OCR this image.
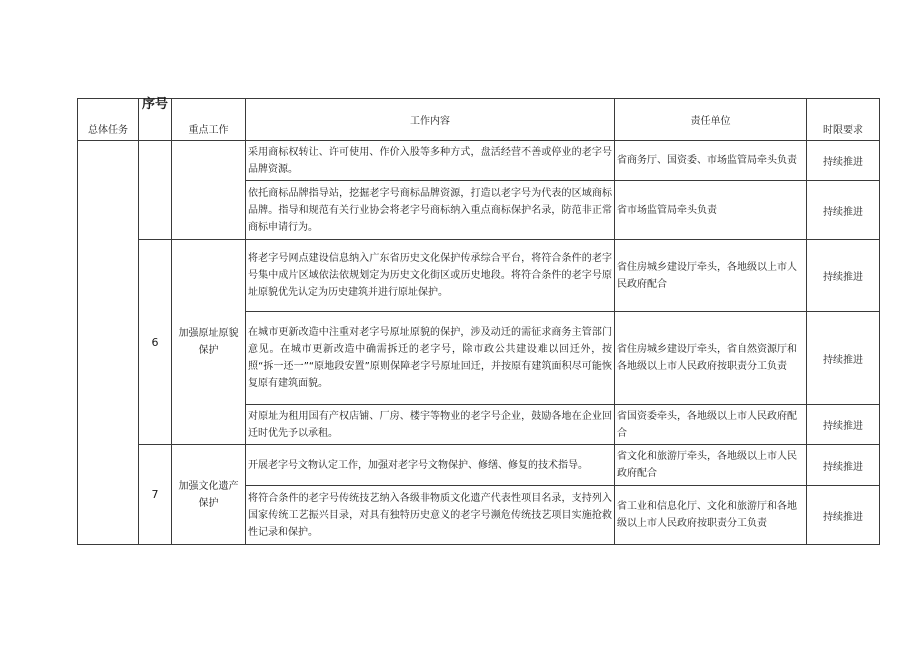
总体任务	序号	重点工作	工作内容	责任单位	时限要求
			采用商标权转让、许可使用、作价入股等多种方式，盘活经营不善或停业的老字号品牌资源。	省商务厅、国资委、市场监管局牵头负责	持续推进
			依托商标品牌指导站，挖掘老字号商标品牌资源，打造以老字号为代表的区域商标品牌。指导和规范有关行业协会将老字号商标纳入重点商标保护名录，防范非正常商标申请行为。	省市场监管局牵头负责	持续推进
	6	加强原址原貌保护	将老字号网点建设信息纳入广东省历史文化保护传承综合平台，将符合条件的老字号集中成片区域依法依规划定为历史文化街区或历史地段。将符合条件的老字号原址原貌优先认定为历史建筑并进行原址保护。	省住房城乡建设厅牵头，各地级以上市人民政府配合	持续推进
			在城市更新改造中注重对老字号原址原貌的保护，涉及动迁的需征求商务主管部门意见。在城市更新改造中确需拆迁的老字号，除市政公共建设难以回迁外，按照“拆一还一”“原地段安置”原则保障老字号原址回迁，并按原有建筑面积尽可能恢复原有建筑面貌。	省住房城乡建设厅牵头，省自然资源厅和各地级以上市人民政府按职责分工负责	持续推进
			对原址为租用国有产权店铺、厂房、楼宇等物业的老字号企业，鼓励各地在企业回迁时优先予以承租。	省国资委牵头，各地级以上市人民政府配合	持续推进
	7	加强文化遗产保护	开展老字号文物认定工作，加强对老字号文物保护、修缮、修复的技术指导。	省文化和旅游厅牵头，各地级以上市人民政府配合	持续推进
			将符合条件的老字号传统技艺纳入各级非物质文化遗产代表性项目名录，支持列入国家传统工艺振兴目录，对具有独特历史意义的老字号濒危传统技艺项目实施抢救性记录和保护。	省工业和信息化厅、文化和旅游厅和各地级以上市人民政府按职责分工负责	持续推进
